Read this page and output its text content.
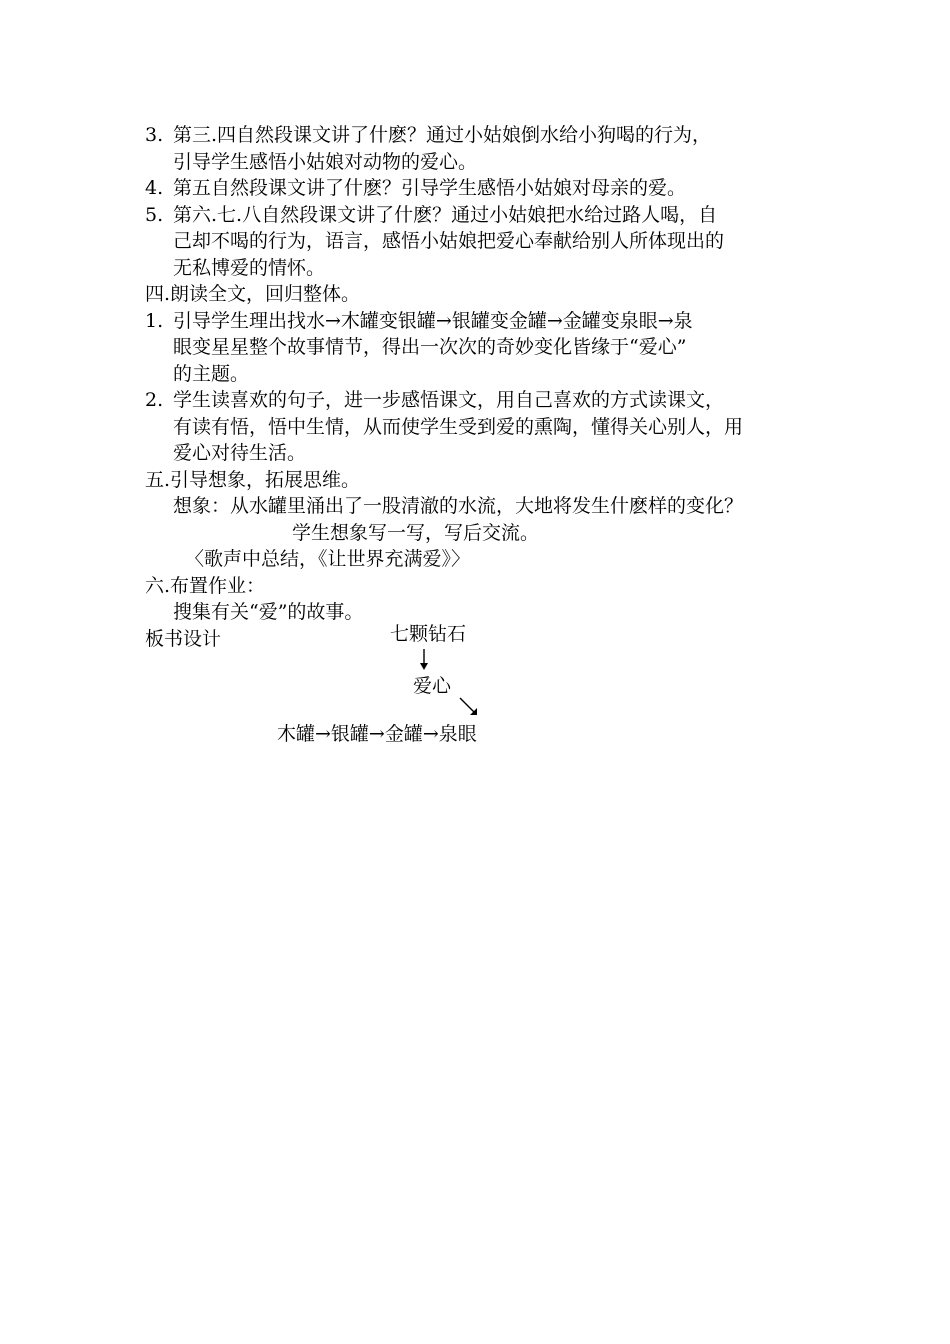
3. 第三.四自然段课文讲了什麽？通过小姑娘倒水给小狗喝的行为，
引导学生感悟小姑娘对动物的爱心。
4. 第五自然段课文讲了什麽？引导学生感悟小姑娘对母亲的爱。
5. 第六.七.八自然段课文讲了什麽？通过小姑娘把水给过路人喝，自
己却不喝的行为，语言，感悟小姑娘把爱心奉献给别人所体现出的
无私博爱的情怀。
四.朗读全文，回归整体。
1. 引导学生理出找水→木罐变银罐→银罐变金罐→金罐变泉眼→泉
眼变星星整个故事情节，得出一次次的奇妙变化皆缘于“爱心”
的主题。
2. 学生读喜欢的句子，进一步感悟课文，用自己喜欢的方式读课文，
有读有悟，悟中生情，从而使学生受到爱的熏陶，懂得关心别人，用
爱心对待生活。
五.引导想象，拓展思维。
想象：从水罐里涌出了一股清澈的水流，大地将发生什麽样的变化？
学生想象写一写，写后交流。
〈歌声中总结，《让世界充满爱》〉
六.布置作业：
搜集有关“爱”的故事。
板书设计	七颗钻石
爱心
木罐→银罐→金罐→泉眼
